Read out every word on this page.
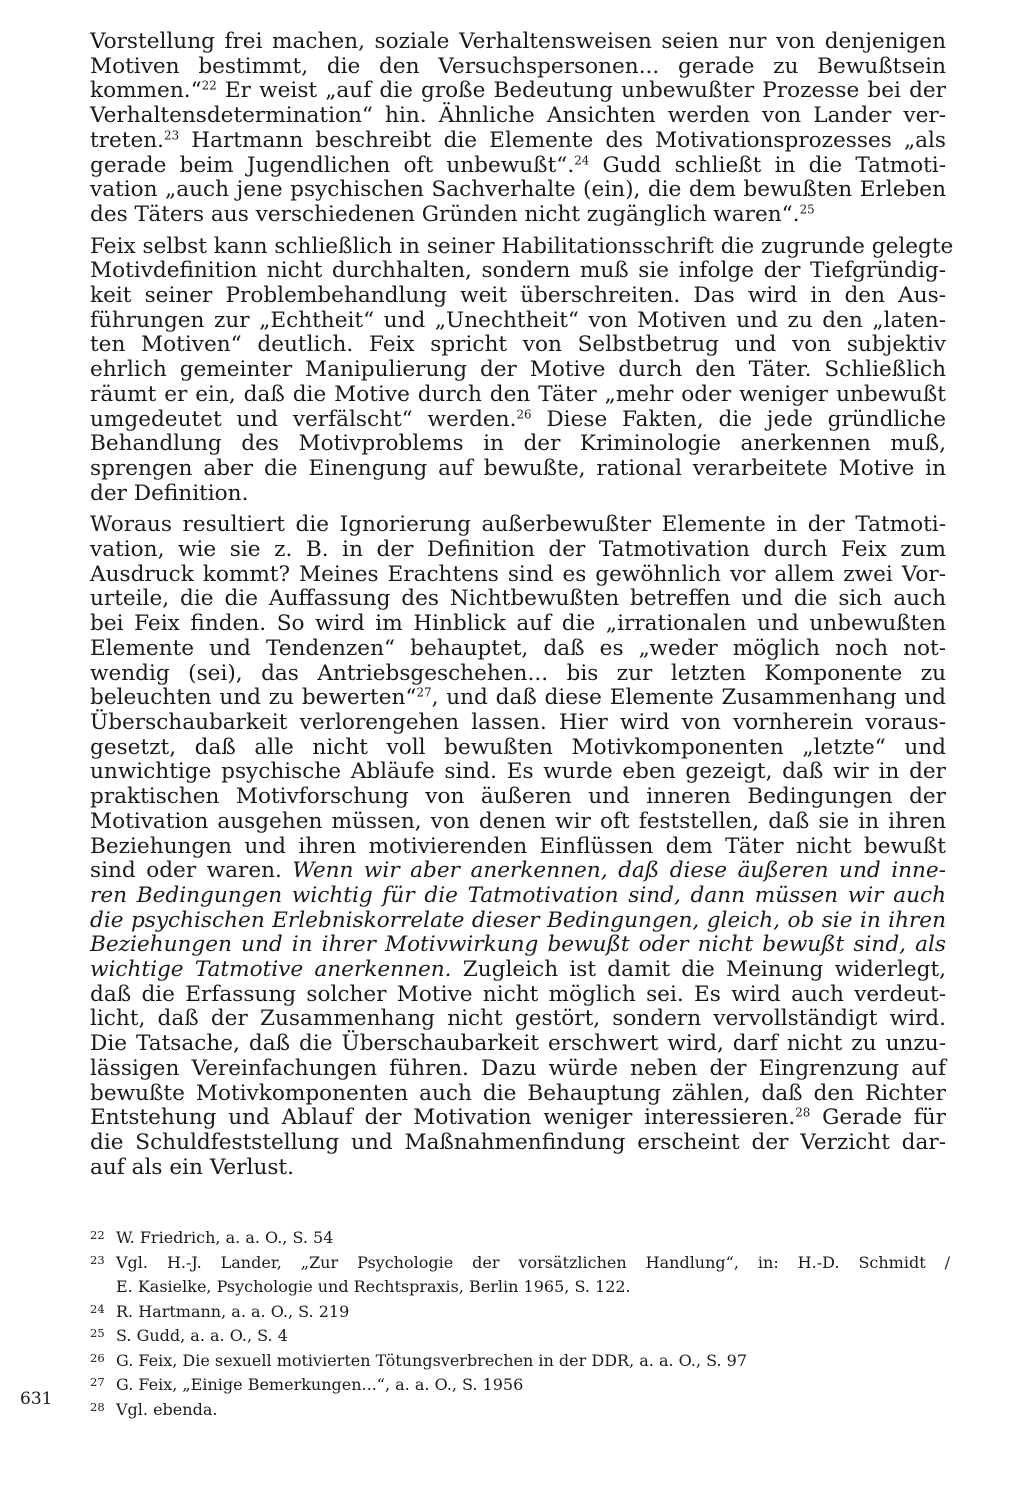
Vorstellung frei machen, soziale Verhaltensweisen seien nur von denjenigen
Motiven bestimmt, die den Versuchspersonen... gerade zu Bewußtsein
kommen.“$^{22}$ Er weist „auf die große Bedeutung unbewußter Prozesse bei der
Verhaltensdetermination“ hin. Ähnliche Ansichten werden von Lander ver-
treten.$^{23}$ Hartmann beschreibt die Elemente des Motivationsprozesses „als
gerade beim Jugendlichen oft unbewußt“.$^{24}$ Gudd schließt in die Tatmoti-
vation „auch jene psychischen Sachverhalte (ein), die dem bewußten Erleben
des Täters aus verschiedenen Gründen nicht zugänglich waren“.$^{25}$

Feix selbst kann schließlich in seiner Habilitationsschrift die zugrunde gelegte
Motivdefinition nicht durchhalten, sondern muß sie infolge der Tiefgründig-
keit seiner Problembehandlung weit überschreiten. Das wird in den Aus-
führungen zur „Echtheit“ und „Unechtheit“ von Motiven und zu den „laten-
ten Motiven“ deutlich. Feix spricht von Selbstbetrug und von subjektiv
ehrlich gemeinter Manipulierung der Motive durch den Täter. Schließlich
räumt er ein, daß die Motive durch den Täter „mehr oder weniger unbewußt
umgedeutet und verfälscht“ werden.$^{26}$ Diese Fakten, die jede gründliche
Behandlung des Motivproblems in der Kriminologie anerkennen muß,
sprengen aber die Einengung auf bewußte, rational verarbeitete Motive in
der Definition.

Woraus resultiert die Ignorierung außerbewußter Elemente in der Tatmoti-
vation, wie sie z. B. in der Definition der Tatmotivation durch Feix zum
Ausdruck kommt? Meines Erachtens sind es gewöhnlich vor allem zwei Vor-
urteile, die die Auffassung des Nichtbewußten betreffen und die sich auch
bei Feix finden. So wird im Hinblick auf die „irrationalen und unbewußten
Elemente und Tendenzen“ behauptet, daß es „weder möglich noch not-
wendig (sei), das Antriebsgeschehen... bis zur letzten Komponente zu
beleuchten und zu bewerten“$^{27}$, und daß diese Elemente Zusammenhang und
Überschaubarkeit verlorengehen lassen. Hier wird von vornherein voraus-
gesetzt, daß alle nicht voll bewußten Motivkomponenten „letzte“ und
unwichtige psychische Abläufe sind. Es wurde eben gezeigt, daß wir in der
praktischen Motivforschung von äußeren und inneren Bedingungen der
Motivation ausgehen müssen, von denen wir oft feststellen, daß sie in ihren
Beziehungen und ihren motivierenden Einflüssen dem Täter nicht bewußt
sind oder waren. Wenn wir aber anerkennen, daß diese äußeren und inne-
ren Bedingungen wichtig für die Tatmotivation sind, dann müssen wir auch
die psychischen Erlebniskorrelate dieser Bedingungen, gleich, ob sie in ihren
Beziehungen und in ihrer Motivwirkung bewußt oder nicht bewußt sind, als
wichtige Tatmotive anerkennen. Zugleich ist damit die Meinung widerlegt,
daß die Erfassung solcher Motive nicht möglich sei. Es wird auch verdeut-
licht, daß der Zusammenhang nicht gestört, sondern vervollständigt wird.
Die Tatsache, daß die Überschaubarkeit erschwert wird, darf nicht zu unzu-
lässigen Vereinfachungen führen. Dazu würde neben der Eingrenzung auf
bewußte Motivkomponenten auch die Behauptung zählen, daß den Richter
Entstehung und Ablauf der Motivation weniger interessieren.$^{28}$ Gerade für
die Schuldfeststellung und Maßnahmenfindung erscheint der Verzicht dar-
auf als ein Verlust.

22 W. Friedrich, a. a. O., S. 54
23 Vgl. H.-J. Lander, „Zur Psychologie der vorsätzlichen Handlung“, in: H.-D. Schmidt /
E. Kasielke, Psychologie und Rechtspraxis, Berlin 1965, S. 122.
24 R. Hartmann, a. a. O., S. 219
25 S. Gudd, a. a. O., S. 4
26 G. Feix, Die sexuell motivierten Tötungsverbrechen in der DDR, a. a. O., S. 97
27 G. Feix, „Einige Bemerkungen...“, a. a. O., S. 1956
28 Vgl. ebenda.
631
